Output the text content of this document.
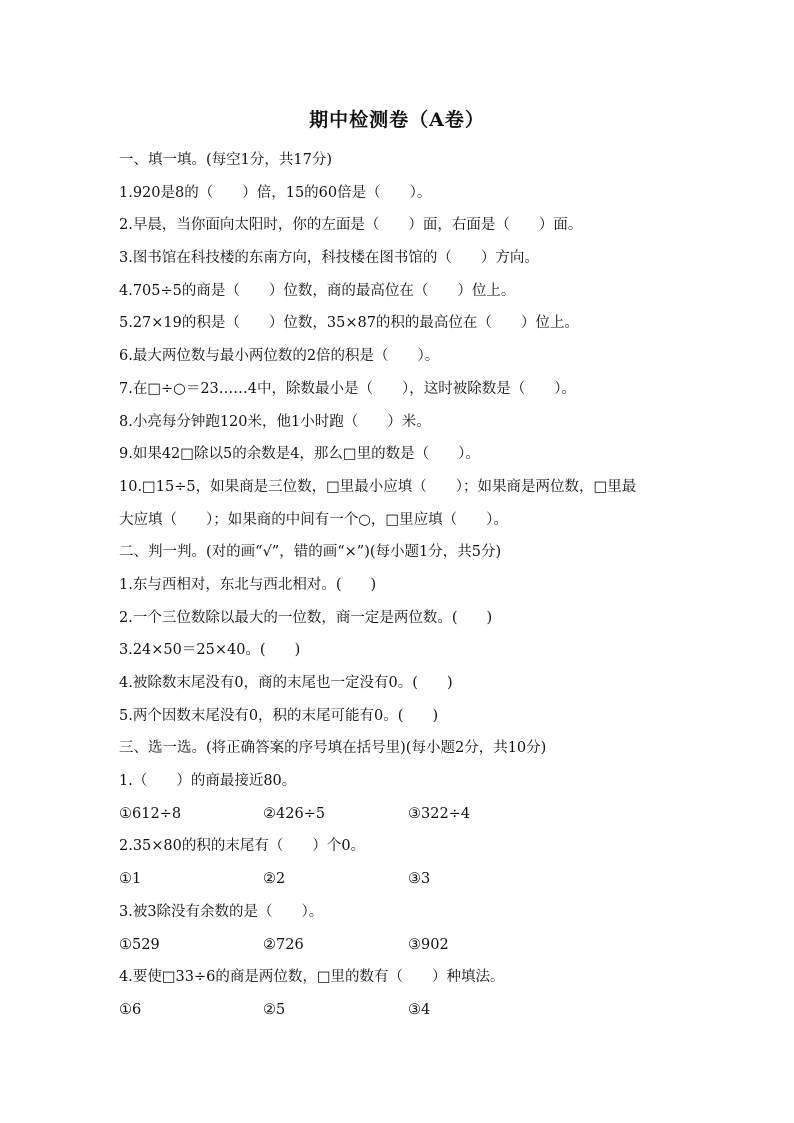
期中检测卷（A卷）
一、填一填。(每空1分，共17分)
1.920是8的（　　）倍，15的60倍是（　　）。
2.早晨，当你面向太阳时，你的左面是（　　）面，右面是（　　）面。
3.图书馆在科技楼的东南方向，科技楼在图书馆的（　　）方向。
4.705÷5的商是（　　）位数，商的最高位在（　　）位上。
5.27×19的积是（　　）位数，35×87的积的最高位在（　　）位上。
6.最大两位数与最小两位数的2倍的积是（　　）。
7.在□÷○＝23……4中，除数最小是（　　），这时被除数是（　　）。
8.小亮每分钟跑120米，他1小时跑（　　）米。
9.如果42□除以5的余数是4，那么□里的数是（　　）。
10.□15÷5，如果商是三位数，□里最小应填（　　）；如果商是两位数，□里最
大应填（　　）；如果商的中间有一个○，□里应填（　　）。
二、判一判。(对的画“√”，错的画“×”)(每小题1分，共5分)
1.东与西相对，东北与西北相对。(　　)
2.一个三位数除以最大的一位数，商一定是两位数。(　　)
3.24×50＝25×40。(　　)
4.被除数末尾没有0，商的末尾也一定没有0。(　　)
5.两个因数末尾没有0，积的末尾可能有0。(　　)
三、选一选。(将正确答案的序号填在括号里)(每小题2分，共10分)
1.（　　）的商最接近80。
①612÷8	②426÷5	③322÷4
2.35×80的积的末尾有（　　）个0。
①1	②2	③3
3.被3除没有余数的是（　　）。
①529	②726	③902
4.要使□33÷6的商是两位数，□里的数有（　　）种填法。
①6	②5	③4
